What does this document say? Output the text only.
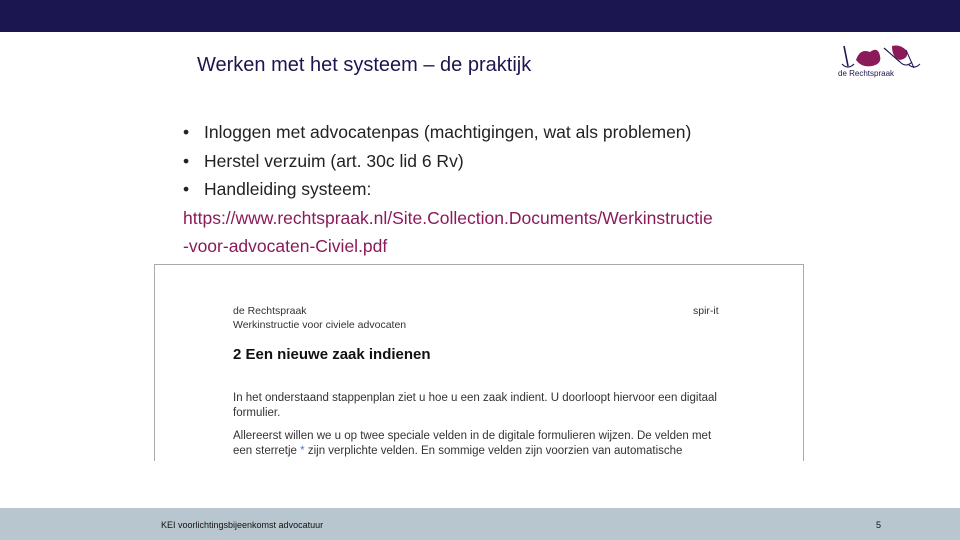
Werken met het systeem – de praktijk	de Rechtspraak
• Inloggen met advocatenpas (machtigingen, wat als problemen)
• Herstel verzuim (art. 30c lid 6 Rv)
• Handleiding systeem:
https://www.rechtspraak.nl/Site.Collection.Documents/Werkinstructie
-voor-advocaten-Civiel.pdf
de Rechtspraak
Werkinstructie voor civiele advocaten
spir-it
2 Een nieuwe zaak indienen
In het onderstaand stappenplan ziet u hoe u een zaak indient. U doorloopt hiervoor een digitaal
formulier.
Allereerst willen we u op twee speciale velden in de digitale formulieren wijzen. De velden met
een sterretje * zijn verplichte velden. En sommige velden zijn voorzien van automatische
KEI voorlichtingsbijeenkomst advocatuur	5
